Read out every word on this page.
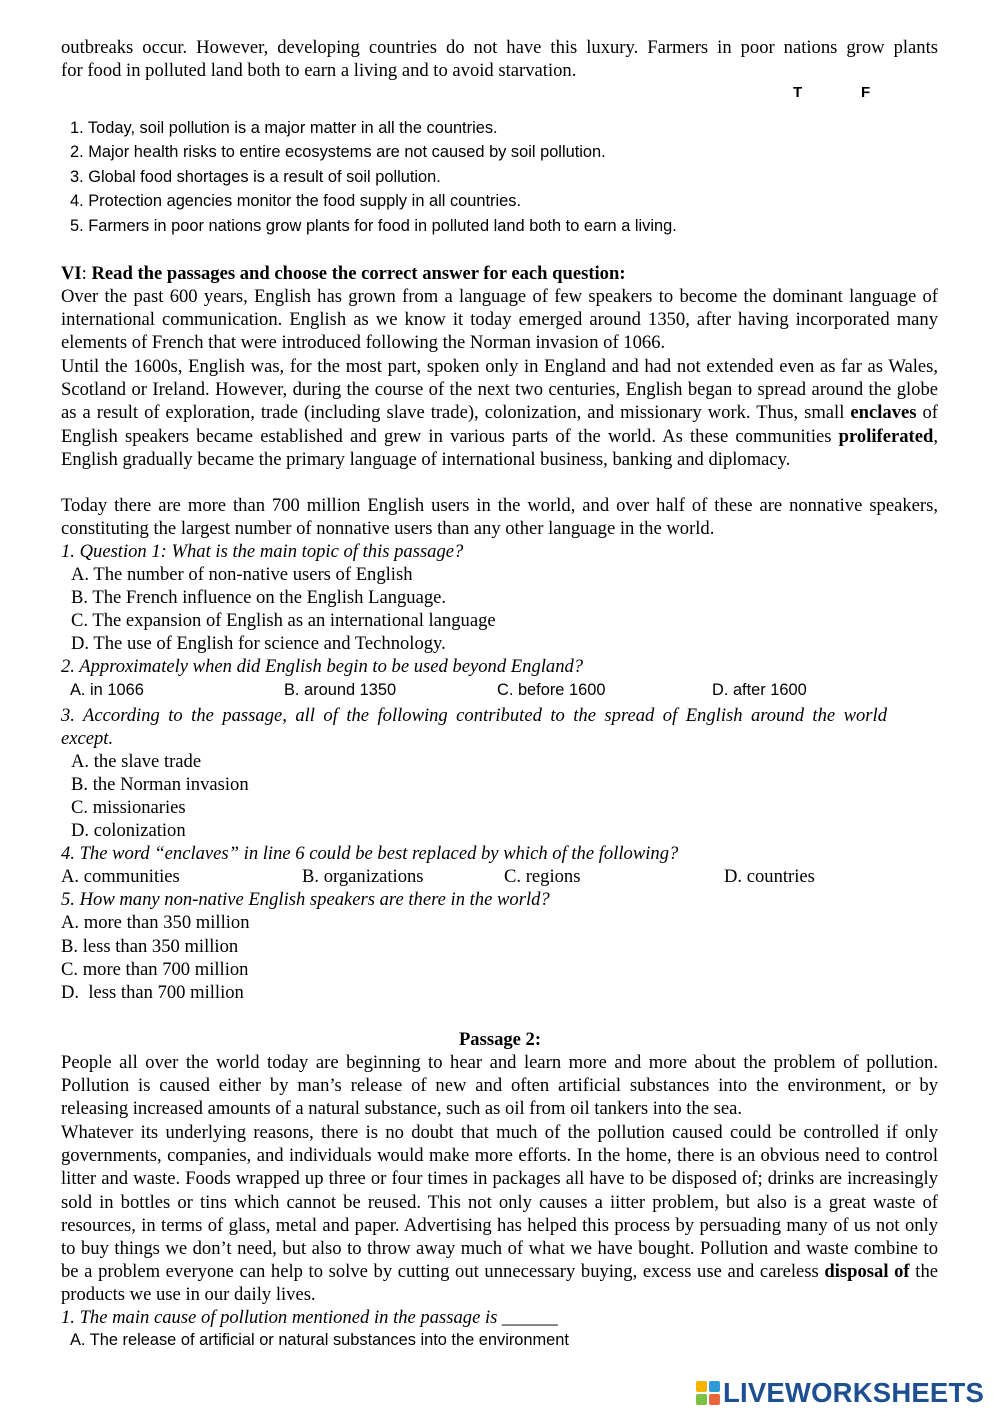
outbreaks occur. However, developing countries do not have this luxury. Farmers in poor nations grow plants
for food in polluted land both to earn a living and to avoid starvation.
T	F
1. Today, soil pollution is a major matter in all the countries.
2. Major health risks to entire ecosystems are not caused by soil pollution.
3. Global food shortages is a result of soil pollution.
4. Protection agencies monitor the food supply in all countries.
5. Farmers in poor nations grow plants for food in polluted land both to earn a living.
VI: Read the passages and choose the correct answer for each question:
Over the past 600 years, English has grown from a language of few speakers to become the dominant language of international communication. English as we know it today emerged around 1350, after having incorporated many elements of French that were introduced following the Norman invasion of 1066.
Until the 1600s, English was, for the most part, spoken only in England and had not extended even as far as Wales, Scotland or Ireland. However, during the course of the next two centuries, English began to spread around the globe as a result of exploration, trade (including slave trade), colonization, and missionary work. Thus, small enclaves of English speakers became established and grew in various parts of the world. As these communities proliferated, English gradually became the primary language of international business, banking and diplomacy.
Today there are more than 700 million English users in the world, and over half of these are nonnative speakers, constituting the largest number of nonnative users than any other language in the world.
1. Question 1: What is the main topic of this passage?
A. The number of non-native users of English
B. The French influence on the English Language.
C. The expansion of English as an international language
D. The use of English for science and Technology.
2. Approximately when did English begin to be used beyond England?
A. in 1066	B. around 1350	C. before 1600	D. after 1600
3. According to the passage, all of the following contributed to the spread of English around the world
except.
A. the slave trade
B. the Norman invasion
C. missionaries
D. colonization
4. The word “enclaves” in line 6 could be best replaced by which of the following?
A. communities	B. organizations	C. regions	D. countries
5. How many non-native English speakers are there in the world?
A. more than 350 million
B. less than 350 million
C. more than 700 million
D.  less than 700 million
Passage 2:
People all over the world today are beginning to hear and learn more and more about the problem of pollution. Pollution is caused either by man’s release of new and often artificial substances into the environment, or by releasing increased amounts of a natural substance, such as oil from oil tankers into the sea.
Whatever its underlying reasons, there is no doubt that much of the pollution caused could be controlled if only governments, companies, and individuals would make more efforts. In the home, there is an obvious need to control litter and waste. Foods wrapped up three or four times in packages all have to be disposed of; drinks are increasingly sold in bottles or tins which cannot be reused. This not only causes a iitter problem, but also is a great waste of resources, in terms of glass, metal and paper. Advertising has helped this process by persuading many of us not only to buy things we don’t need, but also to throw away much of what we have bought. Pollution and waste combine to be a problem everyone can help to solve by cutting out unnecessary buying, excess use and careless disposal of the products we use in our daily lives.
1. The main cause of pollution mentioned in the passage is ______
A. The release of artificial or natural substances into the environment
LIVEWORKSHEETS
